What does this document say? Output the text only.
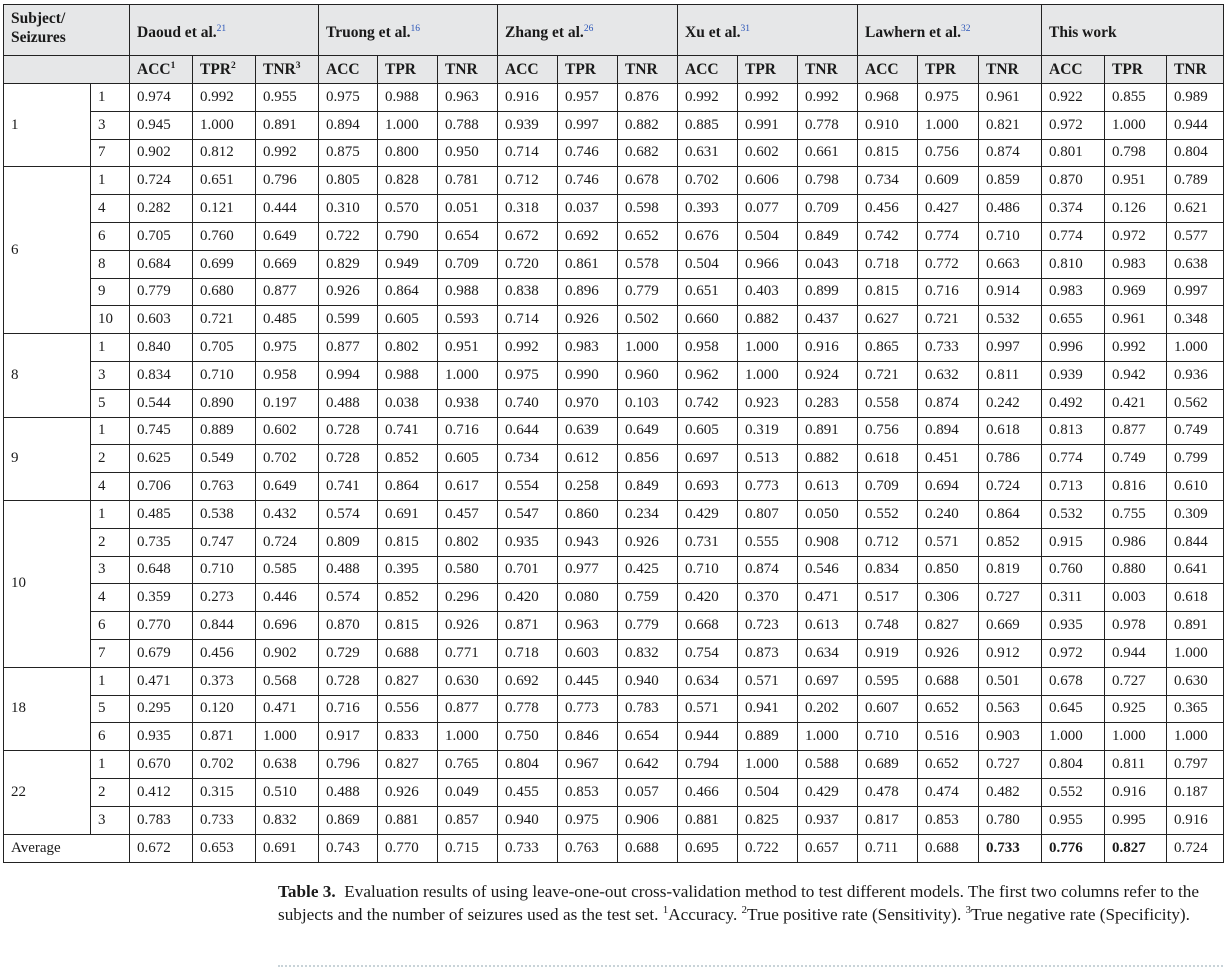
Subject/
Seizures		Daoud et al.$^{21}$			Truong et al.$^{16}$			Zhang et al.$^{26}$			Xu et al.$^{31}$			Lawhern et al.$^{32}$			This work		
		ACC$^1$	TPR$^2$	TNR$^3$	ACC	TPR	TNR	ACC	TPR	TNR	ACC	TPR	TNR	ACC	TPR	TNR	ACC	TPR	TNR
1	1	0.974	0.992	0.955	0.975	0.988	0.963	0.916	0.957	0.876	0.992	0.992	0.992	0.968	0.975	0.961	0.922	0.855	0.989
	3	0.945	1.000	0.891	0.894	1.000	0.788	0.939	0.997	0.882	0.885	0.991	0.778	0.910	1.000	0.821	0.972	1.000	0.944
	7	0.902	0.812	0.992	0.875	0.800	0.950	0.714	0.746	0.682	0.631	0.602	0.661	0.815	0.756	0.874	0.801	0.798	0.804
6	1	0.724	0.651	0.796	0.805	0.828	0.781	0.712	0.746	0.678	0.702	0.606	0.798	0.734	0.609	0.859	0.870	0.951	0.789
	4	0.282	0.121	0.444	0.310	0.570	0.051	0.318	0.037	0.598	0.393	0.077	0.709	0.456	0.427	0.486	0.374	0.126	0.621
	6	0.705	0.760	0.649	0.722	0.790	0.654	0.672	0.692	0.652	0.676	0.504	0.849	0.742	0.774	0.710	0.774	0.972	0.577
	8	0.684	0.699	0.669	0.829	0.949	0.709	0.720	0.861	0.578	0.504	0.966	0.043	0.718	0.772	0.663	0.810	0.983	0.638
	9	0.779	0.680	0.877	0.926	0.864	0.988	0.838	0.896	0.779	0.651	0.403	0.899	0.815	0.716	0.914	0.983	0.969	0.997
	10	0.603	0.721	0.485	0.599	0.605	0.593	0.714	0.926	0.502	0.660	0.882	0.437	0.627	0.721	0.532	0.655	0.961	0.348
8	1	0.840	0.705	0.975	0.877	0.802	0.951	0.992	0.983	1.000	0.958	1.000	0.916	0.865	0.733	0.997	0.996	0.992	1.000
	3	0.834	0.710	0.958	0.994	0.988	1.000	0.975	0.990	0.960	0.962	1.000	0.924	0.721	0.632	0.811	0.939	0.942	0.936
	5	0.544	0.890	0.197	0.488	0.038	0.938	0.740	0.970	0.103	0.742	0.923	0.283	0.558	0.874	0.242	0.492	0.421	0.562
9	1	0.745	0.889	0.602	0.728	0.741	0.716	0.644	0.639	0.649	0.605	0.319	0.891	0.756	0.894	0.618	0.813	0.877	0.749
	2	0.625	0.549	0.702	0.728	0.852	0.605	0.734	0.612	0.856	0.697	0.513	0.882	0.618	0.451	0.786	0.774	0.749	0.799
	4	0.706	0.763	0.649	0.741	0.864	0.617	0.554	0.258	0.849	0.693	0.773	0.613	0.709	0.694	0.724	0.713	0.816	0.610
10	1	0.485	0.538	0.432	0.574	0.691	0.457	0.547	0.860	0.234	0.429	0.807	0.050	0.552	0.240	0.864	0.532	0.755	0.309
	2	0.735	0.747	0.724	0.809	0.815	0.802	0.935	0.943	0.926	0.731	0.555	0.908	0.712	0.571	0.852	0.915	0.986	0.844
	3	0.648	0.710	0.585	0.488	0.395	0.580	0.701	0.977	0.425	0.710	0.874	0.546	0.834	0.850	0.819	0.760	0.880	0.641
	4	0.359	0.273	0.446	0.574	0.852	0.296	0.420	0.080	0.759	0.420	0.370	0.471	0.517	0.306	0.727	0.311	0.003	0.618
	6	0.770	0.844	0.696	0.870	0.815	0.926	0.871	0.963	0.779	0.668	0.723	0.613	0.748	0.827	0.669	0.935	0.978	0.891
	7	0.679	0.456	0.902	0.729	0.688	0.771	0.718	0.603	0.832	0.754	0.873	0.634	0.919	0.926	0.912	0.972	0.944	1.000
18	1	0.471	0.373	0.568	0.728	0.827	0.630	0.692	0.445	0.940	0.634	0.571	0.697	0.595	0.688	0.501	0.678	0.727	0.630
	5	0.295	0.120	0.471	0.716	0.556	0.877	0.778	0.773	0.783	0.571	0.941	0.202	0.607	0.652	0.563	0.645	0.925	0.365
	6	0.935	0.871	1.000	0.917	0.833	1.000	0.750	0.846	0.654	0.944	0.889	1.000	0.710	0.516	0.903	1.000	1.000	1.000
22	1	0.670	0.702	0.638	0.796	0.827	0.765	0.804	0.967	0.642	0.794	1.000	0.588	0.689	0.652	0.727	0.804	0.811	0.797
	2	0.412	0.315	0.510	0.488	0.926	0.049	0.455	0.853	0.057	0.466	0.504	0.429	0.478	0.474	0.482	0.552	0.916	0.187
	3	0.783	0.733	0.832	0.869	0.881	0.857	0.940	0.975	0.906	0.881	0.825	0.937	0.817	0.853	0.780	0.955	0.995	0.916
Average		0.672	0.653	0.691	0.743	0.770	0.715	0.733	0.763	0.688	0.695	0.722	0.657	0.711	0.688	0.733	0.776	0.827	0.724
Table 3. Evaluation results of using leave-one-out cross-validation method to test different models. The first two columns refer to the subjects and the number of seizures used as the test set. $^1$Accuracy. $^2$True positive rate (Sensitivity). $^3$True negative rate (Specificity).
